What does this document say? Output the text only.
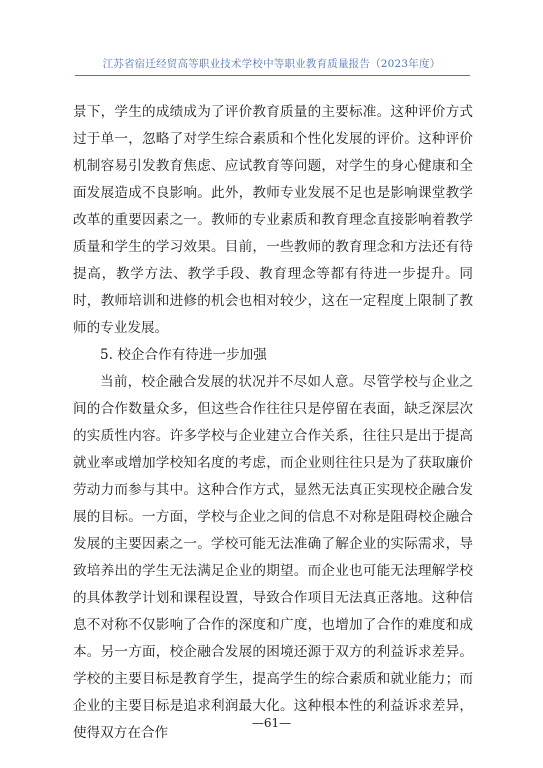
江苏省宿迁经贸高等职业技术学校中等职业教育质量报告（2023年度）

景下，学生的成绩成为了评价教育质量的主要标准。这种评价方式过于单一，忽略了对学生综合素质和个性化发展的评价。这种评价机制容易引发教育焦虑、应试教育等问题，对学生的身心健康和全面发展造成不良影响。此外，教师专业发展不足也是影响课堂教学改革的重要因素之一。教师的专业素质和教育理念直接影响着教学质量和学生的学习效果。目前，一些教师的教育理念和方法还有待提高，教学方法、教学手段、教育理念等都有待进一步提升。同时，教师培训和进修的机会也相对较少，这在一定程度上限制了教师的专业发展。

5. 校企合作有待进一步加强

当前，校企融合发展的状况并不尽如人意。尽管学校与企业之间的合作数量众多，但这些合作往往只是停留在表面，缺乏深层次的实质性内容。许多学校与企业建立合作关系，往往只是出于提高就业率或增加学校知名度的考虑，而企业则往往只是为了获取廉价劳动力而参与其中。这种合作方式，显然无法真正实现校企融合发展的目标。一方面，学校与企业之间的信息不对称是阻碍校企融合发展的主要因素之一。学校可能无法准确了解企业的实际需求，导致培养出的学生无法满足企业的期望。而企业也可能无法理解学校的具体教学计划和课程设置，导致合作项目无法真正落地。这种信息不对称不仅影响了合作的深度和广度，也增加了合作的难度和成本。另一方面，校企融合发展的困境还源于双方的利益诉求差异。学校的主要目标是教育学生，提高学生的综合素质和就业能力；而企业的主要目标是追求利润最大化。这种根本性的利益诉求差异，使得双方在合作

—61—
